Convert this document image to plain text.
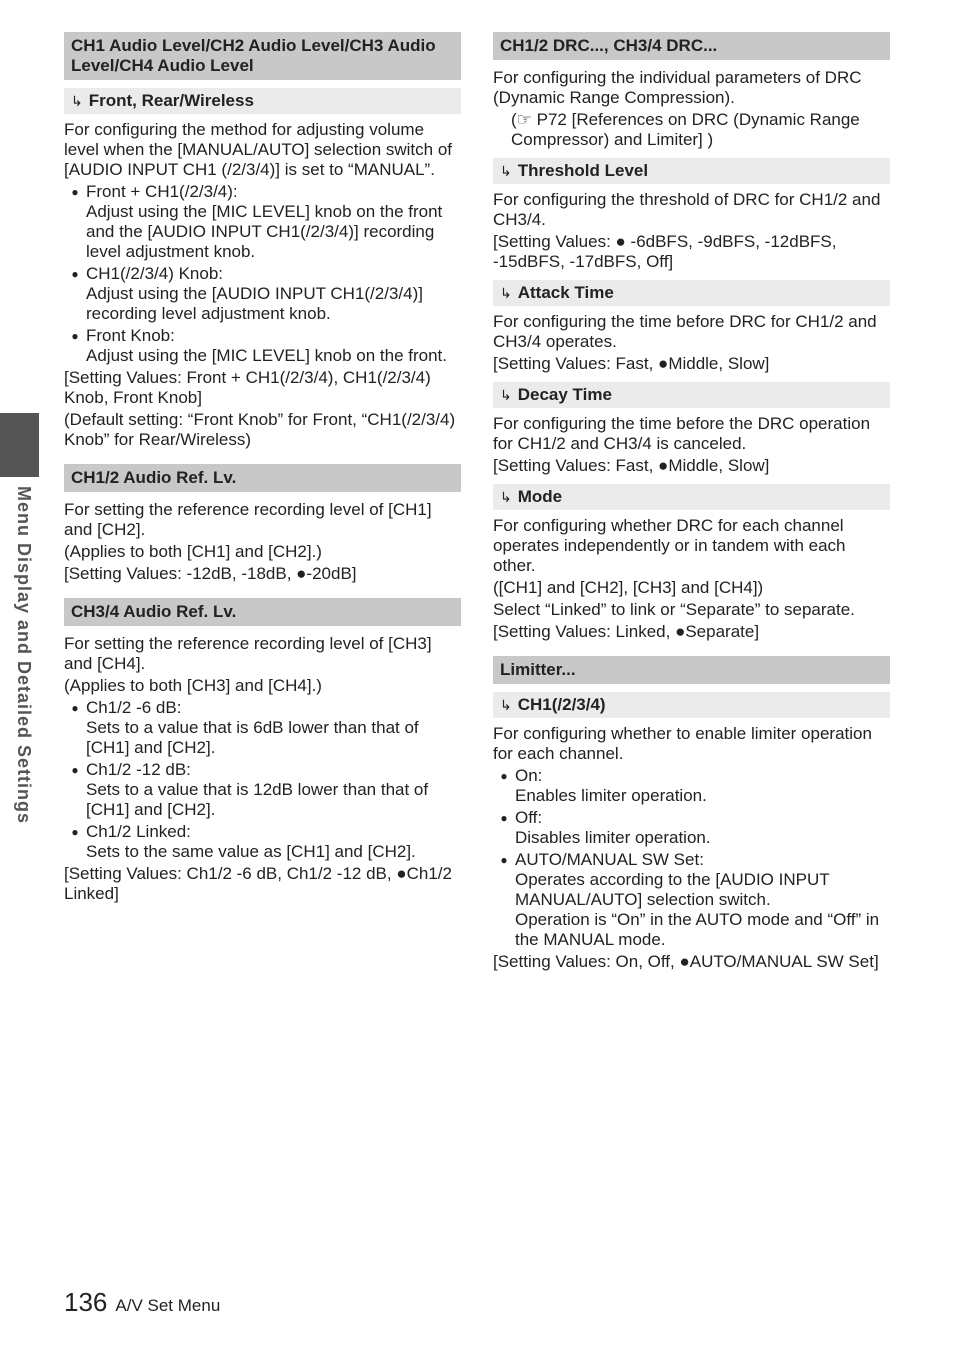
Menu Display and Detailed Settings
CH1 Audio Level/CH2 Audio Level/CH3 Audio Level/CH4 Audio Level
↳ Front, Rear/Wireless

For configuring the method for adjusting volume level when the [MANUAL/AUTO] selection switch of [AUDIO INPUT CH1 (/2/3/4)] is set to “MANUAL”.

● Front + CH1(/2/3/4):
Adjust using the [MIC LEVEL] knob on the front and the [AUDIO INPUT CH1(/2/3/4)] recording level adjustment knob.
● CH1(/2/3/4) Knob:
Adjust using the [AUDIO INPUT CH1(/2/3/4)] recording level adjustment knob.
● Front Knob:
Adjust using the [MIC LEVEL] knob on the front.

[Setting Values: Front + CH1(/2/3/4), CH1(/2/3/4) Knob, Front Knob]

(Default setting: “Front Knob” for Front, “CH1(/2/3/4) Knob” for Rear/Wireless)

CH1/2 Audio Ref. Lv.

For setting the reference recording level of [CH1] and [CH2].

(Applies to both [CH1] and [CH2].)

[Setting Values: -12dB, -18dB, ●-20dB]

CH3/4 Audio Ref. Lv.

For setting the reference recording level of [CH3] and [CH4].

(Applies to both [CH3] and [CH4].)

● Ch1/2 -6 dB:
Sets to a value that is 6dB lower than that of [CH1] and [CH2].
● Ch1/2 -12 dB:
Sets to a value that is 12dB lower than that of [CH1] and [CH2].
● Ch1/2 Linked:
Sets to the same value as [CH1] and [CH2].

[Setting Values: Ch1/2 -6 dB, Ch1/2 -12 dB, ●Ch1/2 Linked]

CH1/2 DRC..., CH3/4 DRC...

For configuring the individual parameters of DRC (Dynamic Range Compression).

(☞ P72 [References on DRC (Dynamic Range Compressor) and Limiter] )

↳ Threshold Level

For configuring the threshold of DRC for CH1/2 and CH3/4.

[Setting Values: ● -6dBFS, -9dBFS, -12dBFS, -15dBFS, -17dBFS, Off]

↳ Attack Time

For configuring the time before DRC for CH1/2 and CH3/4 operates.

[Setting Values: Fast, ●Middle, Slow]

↳ Decay Time

For configuring the time before the DRC operation for CH1/2 and CH3/4 is canceled.

[Setting Values: Fast, ●Middle, Slow]

↳ Mode

For configuring whether DRC for each channel operates independently or in tandem with each other.

([CH1] and [CH2], [CH3] and [CH4])

Select “Linked” to link or “Separate” to separate.

[Setting Values: Linked, ●Separate]

Limitter...
↳ CH1(/2/3/4)

For configuring whether to enable limiter operation for each channel.

● On:
Enables limiter operation.
● Off:
Disables limiter operation.
● AUTO/MANUAL SW Set:
Operates according to the [AUDIO INPUT MANUAL/AUTO] selection switch.
Operation is “On” in the AUTO mode and “Off” in the MANUAL mode.

[Setting Values: On, Off, ●AUTO/MANUAL SW Set]

136 A/V Set Menu
